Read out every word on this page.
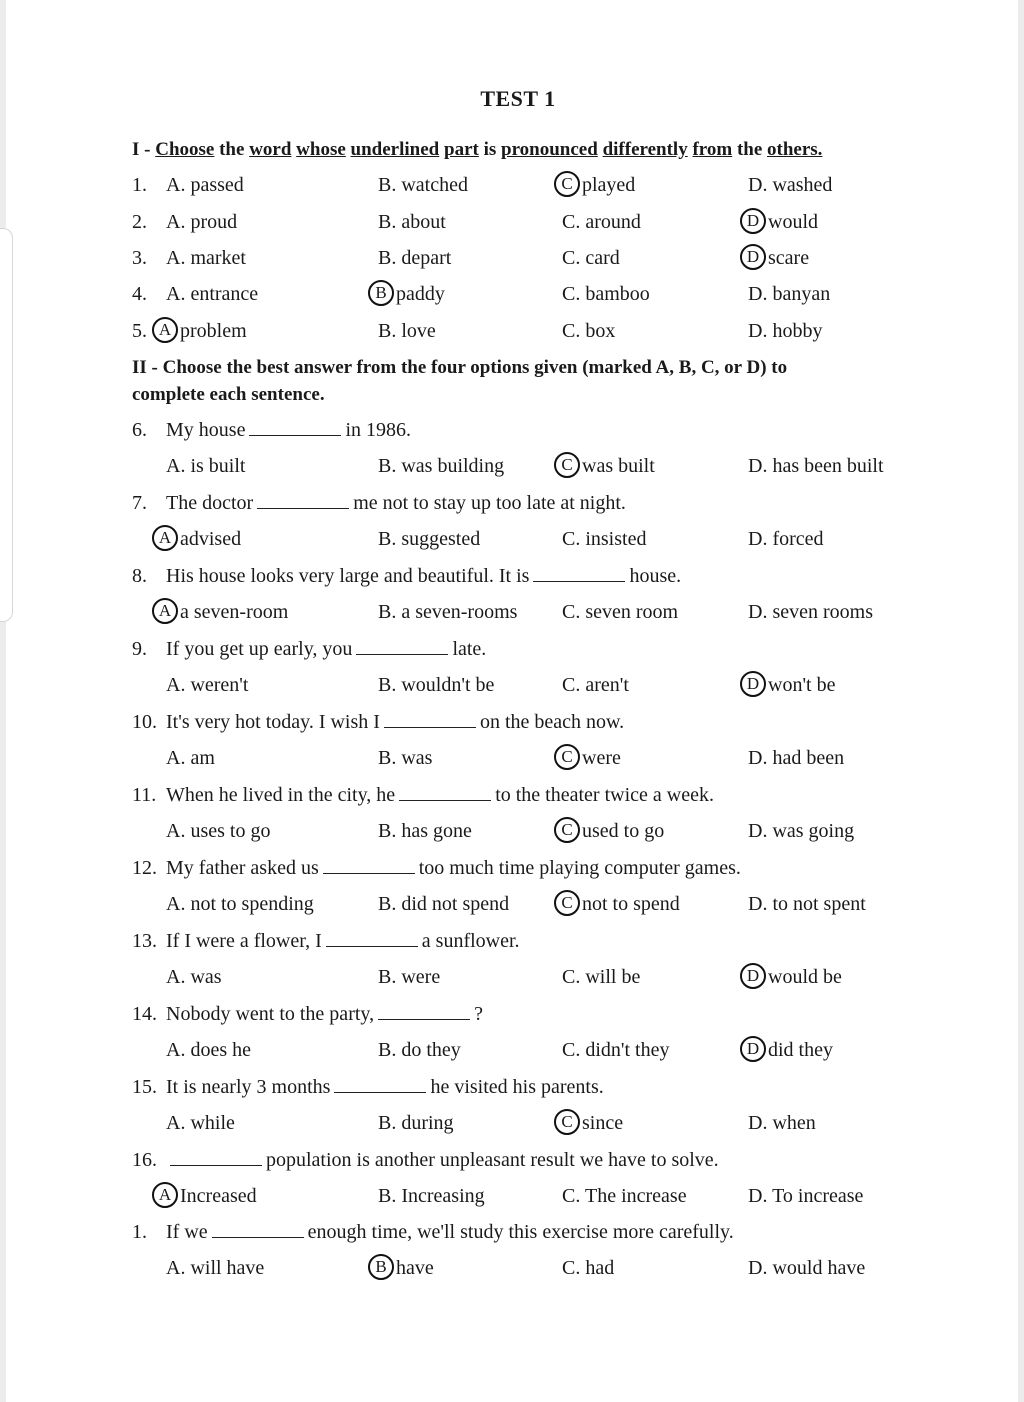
TEST 1
I - Choose the word whose underlined part is pronounced differently from the others.
1. A. passed	B. watched	C played	D. washed
2. A. proud	B. about	C. around	D would
3. A. market	B. depart	C. card	D scare
4. A. entrance	B paddy	C. bamboo	D. banyan
5. A problem	B. love	C. box	D. hobby
II - Choose the best answer from the four options given (marked A, B, C, or D) to
complete each sentence.
6. My house	in 1986.
A. is built	B. was building	C was built	D. has been built
7. The doctor	me not to stay up too late at night.
A advised	B. suggested	C. insisted	D. forced
8. His house looks very large and beautiful. It is	house.
A a seven-room	B. a seven-rooms C. seven room	D. seven rooms
9. If you get up early, you	late.
A. weren't	B. wouldn't be	C. aren't	D won't be
10. It's very hot today. I wish I	on the beach now.
A. am	B. was	C were	D. had been
11. When he lived in the city, he	to the theater twice a week.
A. uses to go	B. has gone	C used to go	D. was going
12. My father asked us	too much time playing computer games.
A. not to spending	B. did not spend	C not to spend	D. to not spent
13. If I were a flower, I	a sunflower.
A. was	B. were	C. will be	D would be
14. Nobody went to the party,	?
A. does he	B. do they	C. didn't they	D did they
15. It is nearly 3 months	he visited his parents.
A. while	B. during	C since	D. when
16.	population is another unpleasant result we have to solve.
A Increased	B. Increasing	C. The increase	D. To increase
1. If we	enough time, we'll study this exercise more carefully.
A. will have	B have	C. had	D. would have
